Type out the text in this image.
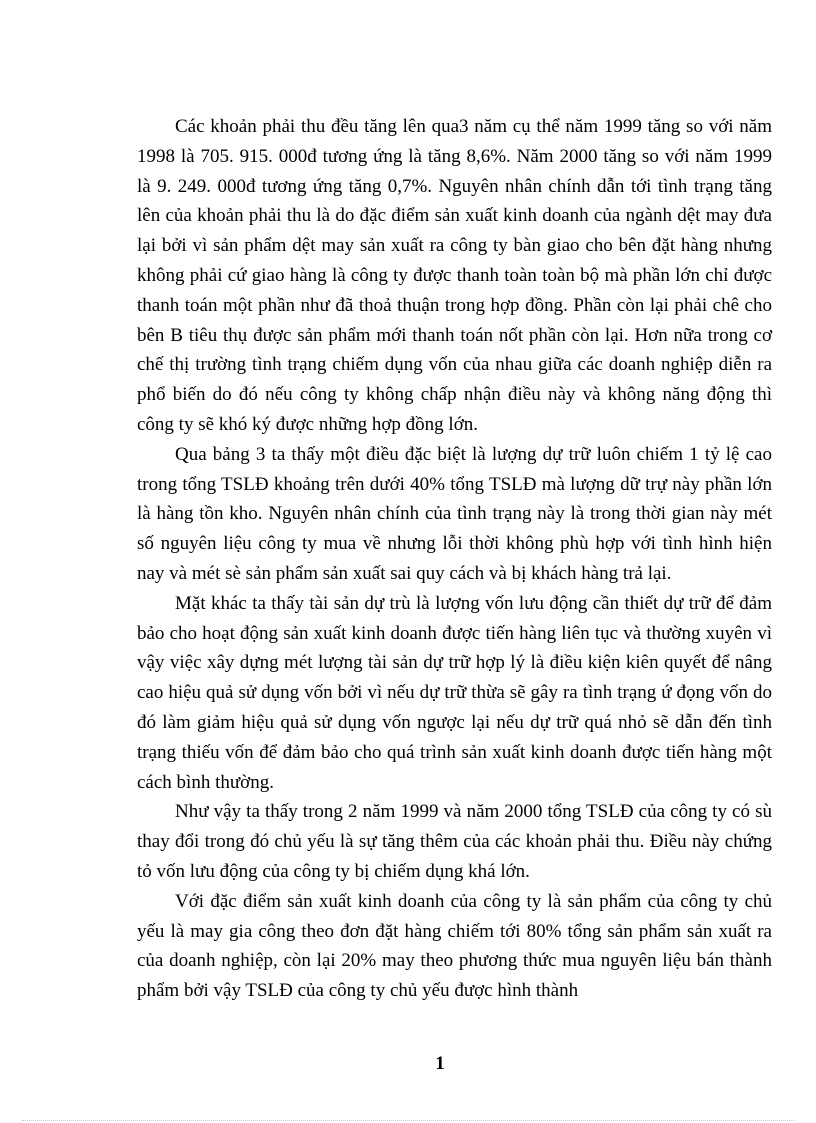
Các khoản phải thu đều tăng lên qua3 năm cụ thể năm 1999 tăng so với năm 1998 là 705. 915. 000đ tương ứng là tăng 8,6%. Năm 2000 tăng so với năm 1999 là 9. 249. 000đ tương ứng tăng 0,7%. Nguyên nhân chính dẫn tới tình trạng tăng lên của khoản phải thu là do đặc điểm sản xuất kinh doanh của ngành dệt may đưa lại bởi vì sản phẩm dệt may sản xuất ra công ty bàn giao cho bên đặt hàng nhưng không phải cứ giao hàng là công ty được thanh toàn toàn bộ mà phần lớn chỉ được thanh toán một phần như đã thoả thuận trong hợp đồng. Phần còn lại phải chê cho bên B tiêu thụ được sản phẩm mới thanh toán nốt phần còn lại. Hơn nữa trong cơ chế thị trường tình trạng chiếm dụng vốn của nhau giữa các doanh nghiệp diễn ra phổ biến do đó nếu công ty không chấp nhận điều này và không năng động thì công ty sẽ khó ký được những hợp đồng lớn.

Qua bảng 3 ta thấy một điều đặc biệt là lượng dự trữ luôn chiếm 1 tỷ lệ cao trong tổng TSLĐ khoảng trên dưới 40% tổng TSLĐ mà lượng dữ trự này phần lớn là hàng tồn kho. Nguyên nhân chính của tình trạng này là trong thời gian này mét số nguyên liệu công ty mua về nhưng lỗi thời không phù hợp với tình hình hiện nay và mét sè sản phẩm sản xuất sai quy cách và bị khách hàng trả lại.

Mặt khác ta thấy tài sản dự trù là lượng vốn lưu động cần thiết dự trữ để đảm bảo cho hoạt động sản xuất kinh doanh được tiến hàng liên tục và thường xuyên vì vậy việc xây dựng mét lượng tài sản dự trữ hợp lý là điều kiện kiên quyết để nâng cao hiệu quả sử dụng vốn bởi vì nếu dự trữ thừa sẽ gây ra tình trạng ứ đọng vốn do đó làm giảm hiệu quả sử dụng vốn ngược lại nếu dự trữ quá nhỏ sẽ dẫn đến tình trạng thiếu vốn để đảm bảo cho quá trình sản xuất kinh doanh được tiến hàng một cách bình thường.

Như vậy ta thấy trong 2 năm 1999 và năm 2000 tổng TSLĐ của công ty có sù thay đổi trong đó chủ yếu là sự tăng thêm của các khoản phải thu. Điều này chứng tỏ vốn lưu động của công ty bị chiếm dụng khá lớn.

Với đặc điểm sản xuất kinh doanh của công ty là sản phẩm của công ty chủ yếu là may gia công theo đơn đặt hàng chiếm tới 80% tổng sản phẩm sản xuất ra của doanh nghiệp, còn lại 20% may theo phương thức mua nguyên liệu bán thành phẩm bởi vậy TSLĐ của công ty chủ yếu được hình thành

1
